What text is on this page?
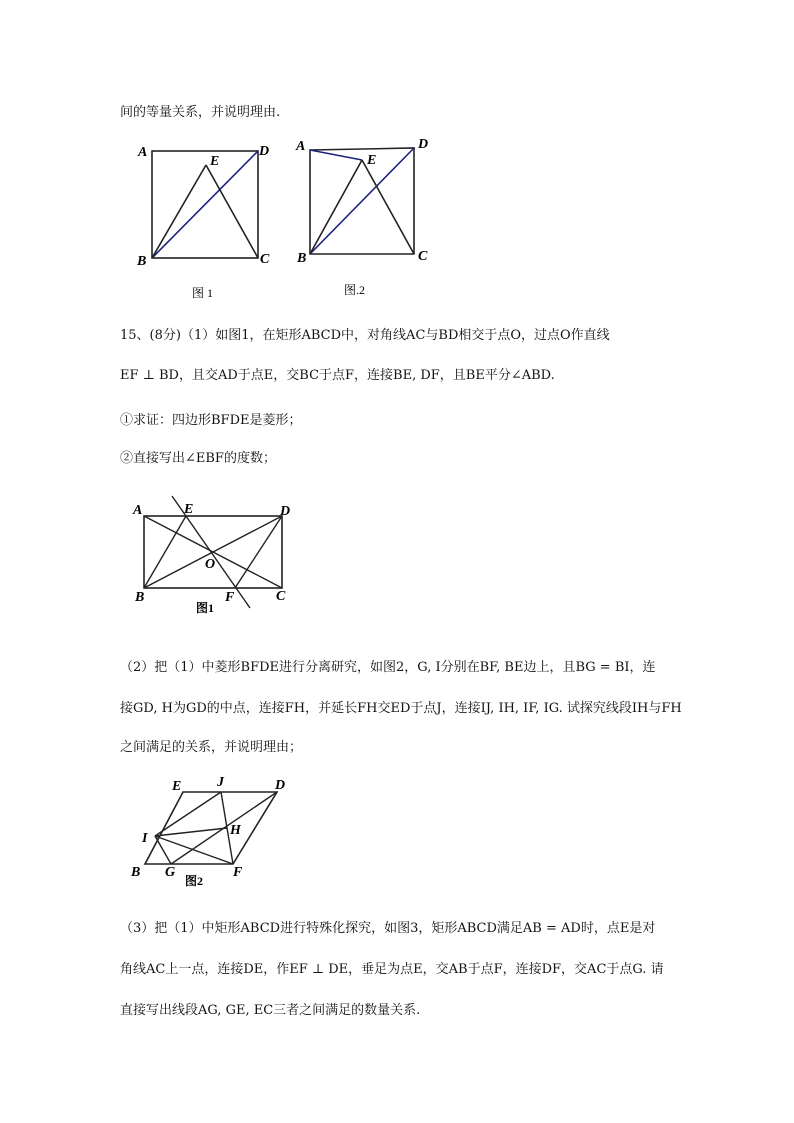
间的等量关系，并说明理由.
A	D
E
B	C
图 1
A	D
E
B	C
图.2
15、(8分)（1）如图1，在矩形ABCD中，对角线AC与BD相交于点O，过点O作直线
EF ⊥ BD，且交AD于点E，交BC于点F，连接BE, DF，且BE平分∠ABD.
①求证：四边形BFDE是菱形；
②直接写出∠EBF的度数；
A	E	D
O
B	F	C
图1
（2）把（1）中菱形BFDE进行分离研究，如图2，G, I分别在BF, BE边上，且BG = BI，连
接GD, H为GD的中点，连接FH，并延长FH交ED于点J，连接IJ, IH, IF, IG. 试探究线段IH与FH
之间满足的关系，并说明理由；
E	J	D
H
I
B G	F
图2
（3）把（1）中矩形ABCD进行特殊化探究，如图3，矩形ABCD满足AB = AD时，点E是对
角线AC上一点，连接DE，作EF ⊥ DE，垂足为点E，交AB于点F，连接DF，交AC于点G. 请
直接写出线段AG, GE, EC三者之间满足的数量关系.
